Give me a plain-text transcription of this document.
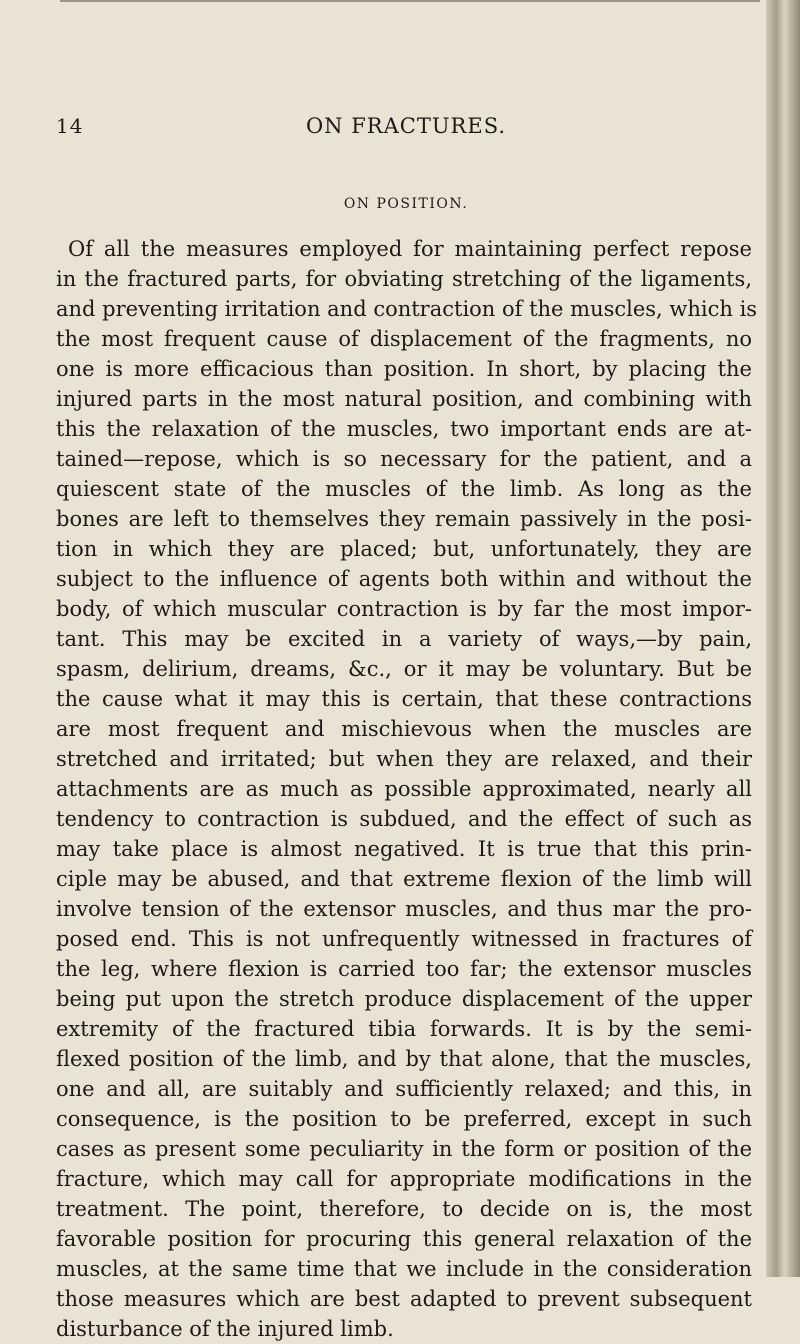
14	ON FRACTURES.
ON POSITION.
Of all the measures employed for maintaining perfect repose
in the fractured parts, for obviating stretching of the ligaments,
and preventing irritation and contraction of the muscles, which is
the most frequent cause of displacement of the fragments, no
one is more efficacious than position. In short, by placing the
injured parts in the most natural position, and combining with
this the relaxation of the muscles, two important ends are at-
tained—repose, which is so necessary for the patient, and a
quiescent state of the muscles of the limb. As long as the
bones are left to themselves they remain passively in the posi-
tion in which they are placed; but, unfortunately, they are
subject to the influence of agents both within and without the
body, of which muscular contraction is by far the most impor-
tant. This may be excited in a variety of ways,—by pain,
spasm, delirium, dreams, &c., or it may be voluntary. But be
the cause what it may this is certain, that these contractions
are most frequent and mischievous when the muscles are
stretched and irritated; but when they are relaxed, and their
attachments are as much as possible approximated, nearly all
tendency to contraction is subdued, and the effect of such as
may take place is almost negatived. It is true that this prin-
ciple may be abused, and that extreme flexion of the limb will
involve tension of the extensor muscles, and thus mar the pro-
posed end. This is not unfrequently witnessed in fractures of
the leg, where flexion is carried too far; the extensor muscles
being put upon the stretch produce displacement of the upper
extremity of the fractured tibia forwards. It is by the semi-
flexed position of the limb, and by that alone, that the muscles,
one and all, are suitably and sufficiently relaxed; and this, in
consequence, is the position to be preferred, except in such
cases as present some peculiarity in the form or position of the
fracture, which may call for appropriate modifications in the
treatment. The point, therefore, to decide on is, the most
favorable position for procuring this general relaxation of the
muscles, at the same time that we include in the consideration
those measures which are best adapted to prevent subsequent
disturbance of the injured limb.
